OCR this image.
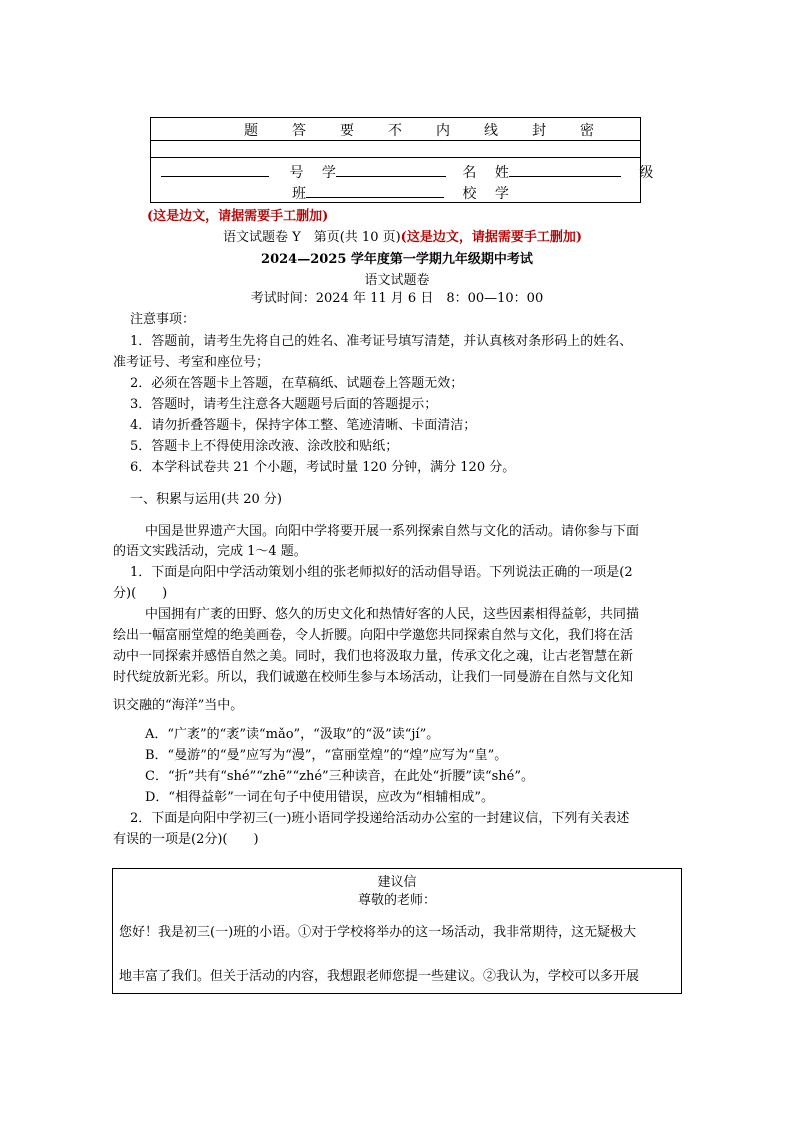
题 答 要 不 内 线 封 密
号 学	名 姓	级
班	校 学
(这是边文，请据需要手工删加)
语文试题卷 Y　第页(共 10 页)(这是边文，请据需要手工删加)
2024—2025 学年度第一学期九年级期中考试
语文试题卷
考试时间：2024 年 11 月 6 日　8：00—10：00
注意事项：
1．答题前，请考生先将自己的姓名、准考证号填写清楚，并认真核对条形码上的姓名、
准考证号、考室和座位号；
2．必须在答题卡上答题，在草稿纸、试题卷上答题无效；
3．答题时，请考生注意各大题题号后面的答题提示；
4．请勿折叠答题卡，保持字体工整、笔迹清晰、卡面清洁；
5．答题卡上不得使用涂改液、涂改胶和贴纸；
6．本学科试卷共 21 个小题，考试时量 120 分钟，满分 120 分。
一、积累与运用(共 20 分)
中国是世界遗产大国。向阳中学将要开展一系列探索自然与文化的活动。请你参与下面
的语文实践活动，完成 1～4 题。
1．下面是向阳中学活动策划小组的张老师拟好的活动倡导语。下列说法正确的一项是(2
分)(　　)
中国拥有广袤的田野、悠久的历史文化和热情好客的人民，这些因素相得益彰，共同描
绘出一幅富丽堂煌的绝美画卷，令人折腰。向阳中学邀您共同探索自然与文化，我们将在活
动中一同探索并感悟自然之美。同时，我们也将汲取力量，传承文化之魂，让古老智慧在新
时代绽放新光彩。所以，我们诚邀在校师生参与本场活动，让我们一同曼游在自然与文化知
识交融的“海洋”当中。
A．“广袤”的“袤”读“mǎo”，“汲取”的“汲”读“jí”。
B．“曼游”的“曼”应写为“漫”，“富丽堂煌”的“煌”应写为“皇”。
C．“折”共有“shé”“zhē”“zhé”三种读音，在此处“折腰”读“shé”。
D．“相得益彰”一词在句子中使用错误，应改为“相辅相成”。
2．下面是向阳中学初三(一)班小语同学投递给活动办公室的一封建议信，下列有关表述
有误的一项是(2分)(　　)
建议信
尊敬的老师：
您好！我是初三(一)班的小语。①对于学校将举办的这一场活动，我非常期待，这无疑极大
地丰富了我们。但关于活动的内容，我想跟老师您提一些建议。②我认为，学校可以多开展
